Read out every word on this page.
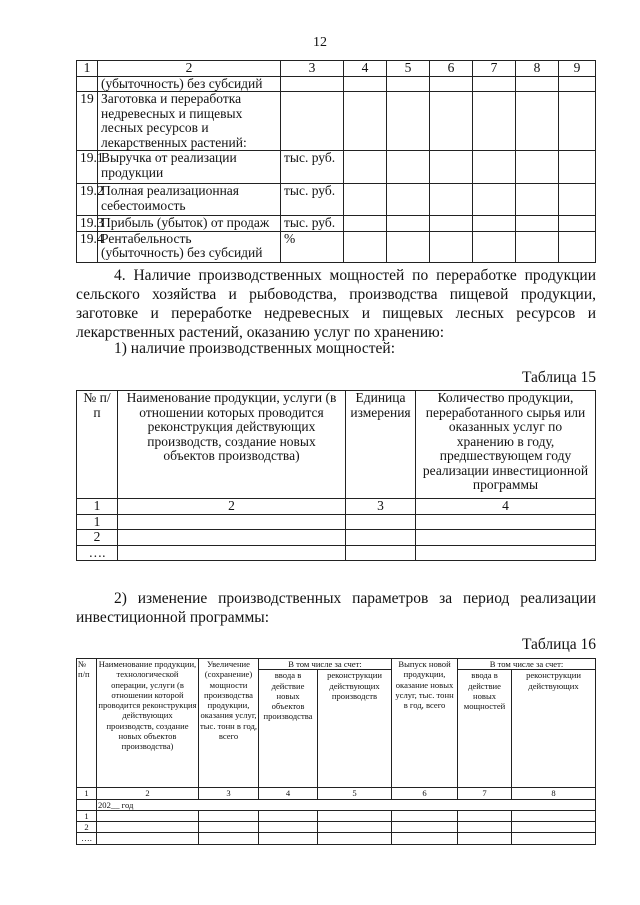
12
1	2	3	4	5	6	7	8	9
	(убыточность) без субсидий							
19	Заготовка и переработка недревесных и пищевых лесных ресурсов и лекарственных растений:							
19.1	Выручка от реализации продукции	тыс. руб.						
19.2	Полная реализационная себестоимость	тыс. руб.						
19.3	Прибыль (убыток) от продаж	тыс. руб.						
19.4	Рентабельность (убыточность) без субсидий	%						
4. Наличие производственных мощностей по переработке продукции сельского хозяйства и рыбоводства, производства пищевой продукции, заготовке и переработке недревесных и пищевых лесных ресурсов и лекарственных растений, оказанию услуг по хранению:
1) наличие производственных мощностей:
Таблица 15
№ п/п	Наименование продукции, услуги (в отношении которых проводится реконструкция действующих производств, создание новых объектов производства)	Единица измерения	Количество продукции, переработанного сырья или оказанных услуг по хранению в году, предшествующем году реализации инвестиционной программы
1	2	3	4
1			
2			
….			
2) изменение производственных параметров за период реализации инвестиционной программы:
Таблица 16
№ п/п	Наименование продукции, технологической операции, услуги (в отношении которой проводится реконструкция действующих производств, создание новых объектов производства)	Увеличение (сохранение) мощности производства продукции, оказания услуг, тыс. тонн в год, всего	В том числе за счет:		Выпуск новой продукции, оказание новых услуг, тыс. тонн в год, всего	В том числе за счет:	
			ввода в действие новых объектов производства	реконструкции действующих производств		ввода в действие новых мощностей	реконструкции действующих
1	2	3	4	5	6	7	8
	202__ год						
1							
2							
….							
